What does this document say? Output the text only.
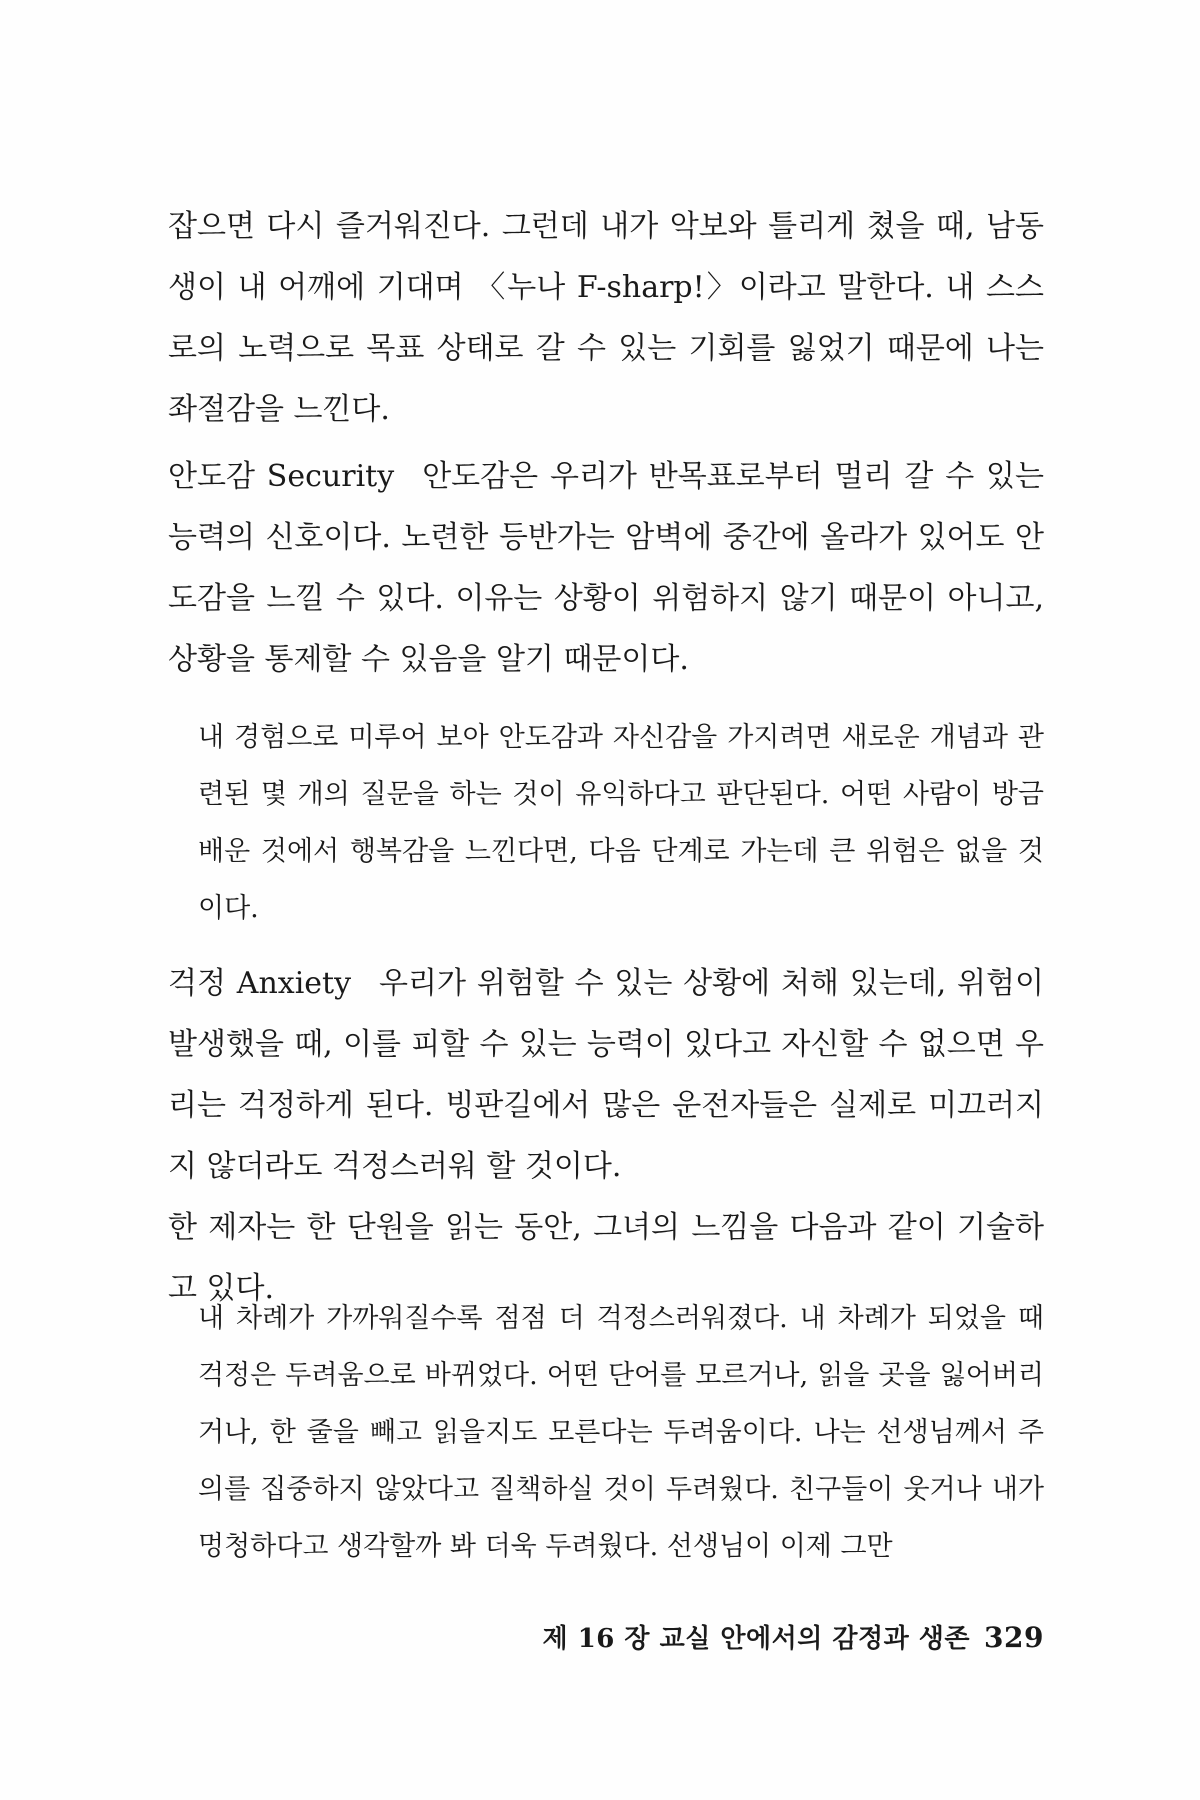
잡으면 다시 즐거워진다. 그런데 내가 악보와 틀리게 쳤을 때, 남동생이 내 어깨에 기대며 〈누나 F-sharp!〉이라고 말한다. 내 스스로의 노력으로 목표 상태로 갈 수 있는 기회를 잃었기 때문에 나는 좌절감을 느낀다.

안도감 Security 안도감은 우리가 반목표로부터 멀리 갈 수 있는 능력의 신호이다. 노련한 등반가는 암벽에 중간에 올라가 있어도 안도감을 느낄 수 있다. 이유는 상황이 위험하지 않기 때문이 아니고, 상황을 통제할 수 있음을 알기 때문이다.

내 경험으로 미루어 보아 안도감과 자신감을 가지려면 새로운 개념과 관련된 몇 개의 질문을 하는 것이 유익하다고 판단된다. 어떤 사람이 방금 배운 것에서 행복감을 느낀다면, 다음 단계로 가는데 큰 위험은 없을 것이다.

걱정 Anxiety 우리가 위험할 수 있는 상황에 처해 있는데, 위험이 발생했을 때, 이를 피할 수 있는 능력이 있다고 자신할 수 없으면 우리는 걱정하게 된다. 빙판길에서 많은 운전자들은 실제로 미끄러지지 않더라도 걱정스러워 할 것이다.
한 제자는 한 단원을 읽는 동안, 그녀의 느낌을 다음과 같이 기술하고 있다.

내 차례가 가까워질수록 점점 더 걱정스러워졌다. 내 차례가 되었을 때 걱정은 두려움으로 바뀌었다. 어떤 단어를 모르거나, 읽을 곳을 잃어버리거나, 한 줄을 빼고 읽을지도 모른다는 두려움이다. 나는 선생님께서 주의를 집중하지 않았다고 질책하실 것이 두려웠다. 친구들이 웃거나 내가 멍청하다고 생각할까 봐 더욱 두려웠다. 선생님이 이제 그만

제 16 장 교실 안에서의 감정과 생존 329
